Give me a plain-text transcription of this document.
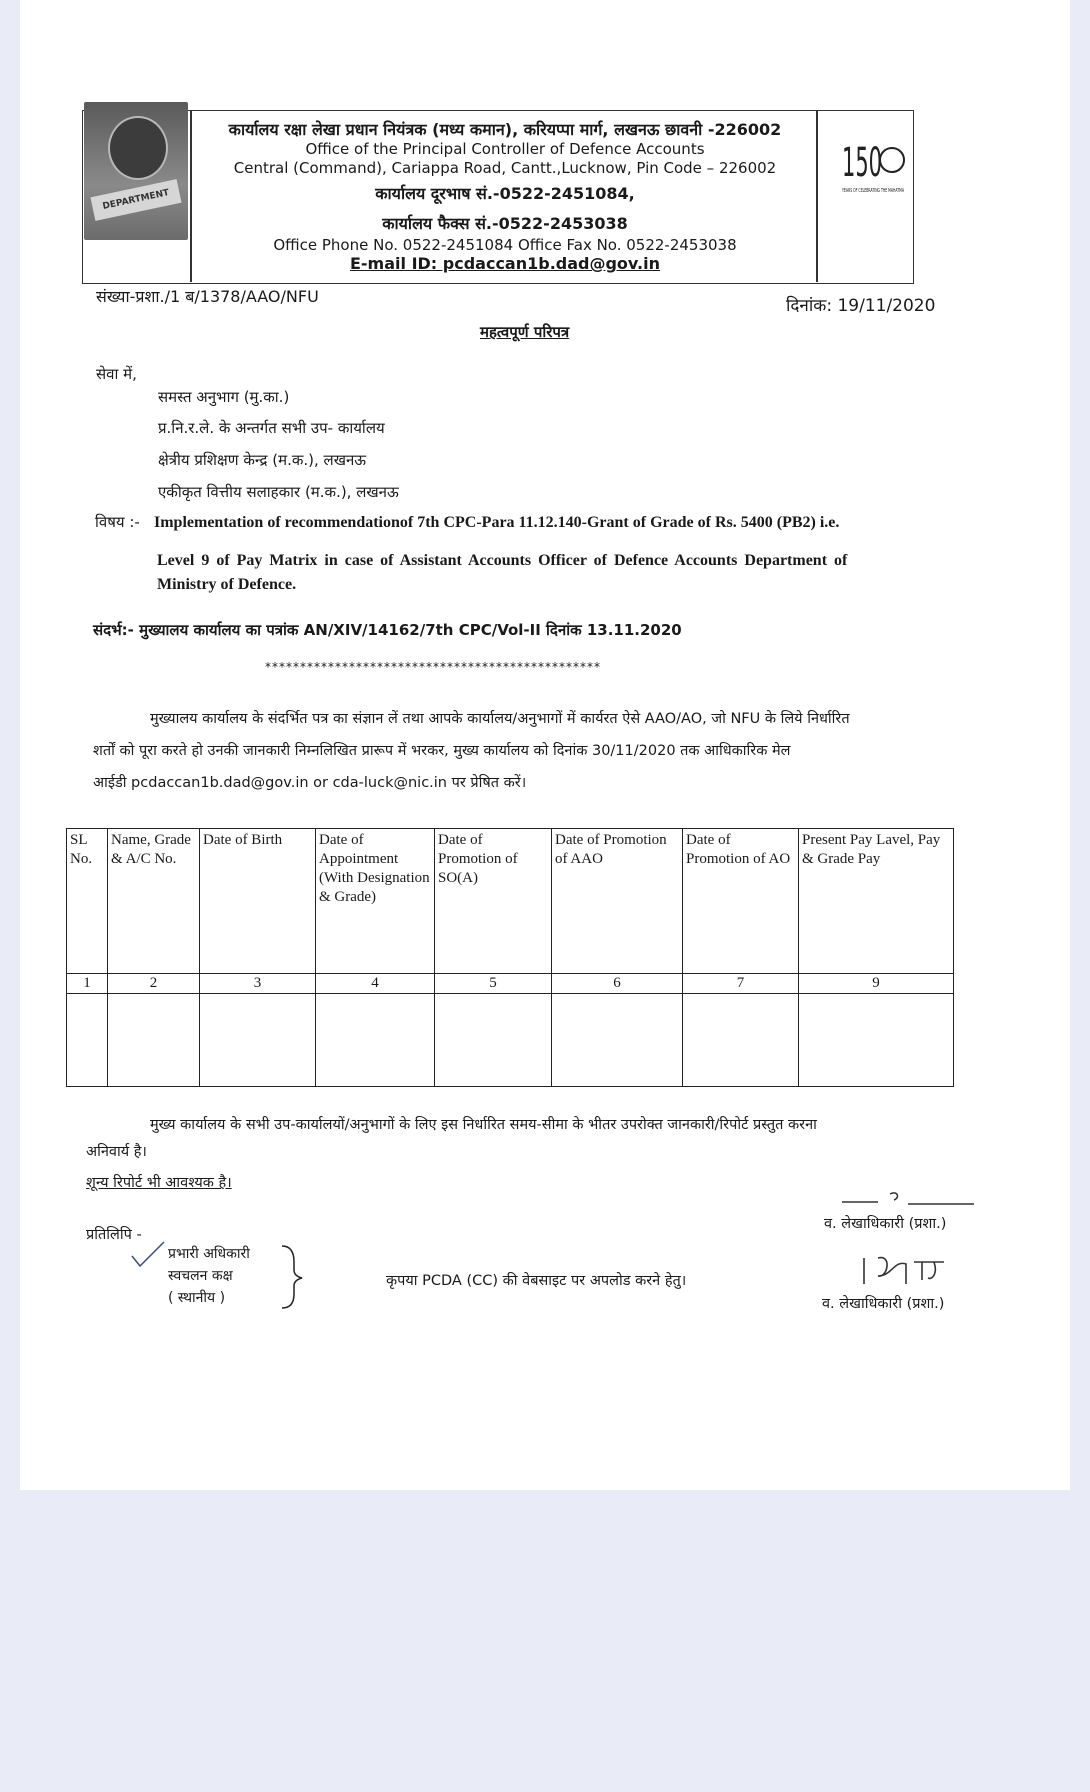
DEPARTMENT
150
YEARS OF CELEBRATING THE MAHATMA
कार्यालय रक्षा लेखा प्रधान नियंत्रक (मध्य कमान), करियप्पा मार्ग, लखनऊ छावनी -226002
Office of the Principal Controller of Defence Accounts
Central (Command), Cariappa Road, Cantt.,Lucknow, Pin Code – 226002
कार्यालय दूरभाष सं.-0522-2451084,
कार्यालय फैक्स सं.-0522-2453038
Office Phone No. 0522-2451084 Office Fax No. 0522-2453038
E-mail ID: pcdaccan1b.dad@gov.in
संख्या-प्रशा./1 ब/1378/AAO/NFU	दिनांक: 19/11/2020
महत्वपूर्ण परिपत्र
सेवा में,
समस्त अनुभाग (मु.का.)
प्र.नि.र.ले. के अन्तर्गत सभी उप- कार्यालय
क्षेत्रीय प्रशिक्षण केन्द्र (म.क.), लखनऊ
एकीकृत वित्तीय सलाहकार (म.क.), लखनऊ
विषय :- Implementation of recommendationof 7th CPC-Para 11.12.140-Grant of Grade of Rs. 5400 (PB2) i.e.
Level 9 of Pay Matrix in case of Assistant Accounts Officer of Defence Accounts Department of
Ministry of Defence.
संदर्भ:- मुख्यालय कार्यालय का पत्रांक AN/XIV/14162/7th CPC/Vol-II दिनांक 13.11.2020
************************************************
मुख्यालय कार्यालय के संदर्भित पत्र का संज्ञान लें तथा आपके कार्यालय/अनुभागों में कार्यरत ऐसे AAO/AO, जो NFU के लिये निर्धारित
शर्तों को पूरा करते हो उनकी जानकारी निम्नलिखित प्रारूप में भरकर, मुख्य कार्यालय को दिनांक 30/11/2020 तक आधिकारिक मेल
आईडी pcdaccan1b.dad@gov.in or cda-luck@nic.in पर प्रेषित करें।
SL No.	Name, Grade & A/C No.	Date of Birth	Date of Appointment (With Designation & Grade)	Date of Promotion of SO(A)	Date of Promotion of AAO	Date of Promotion of AO	Present Pay Lavel, Pay & Grade Pay
1	2	3	4	5	6	7	9

मुख्य कार्यालय के सभी उप-कार्यालयों/अनुभागों के लिए इस निर्धारित समय-सीमा के भीतर उपरोक्त जानकारी/रिपोर्ट प्रस्तुत करना
अनिवार्य है।
शून्य रिपोर्ट भी आवश्यक है।
व. लेखाधिकारी (प्रशा.)
प्रतिलिपि -
प्रभारी अधिकारी
स्वचलन कक्ष
( स्थानीय )
कृपया PCDA (CC) की वेबसाइट पर अपलोड करने हेतु।
व. लेखाधिकारी (प्रशा.)
